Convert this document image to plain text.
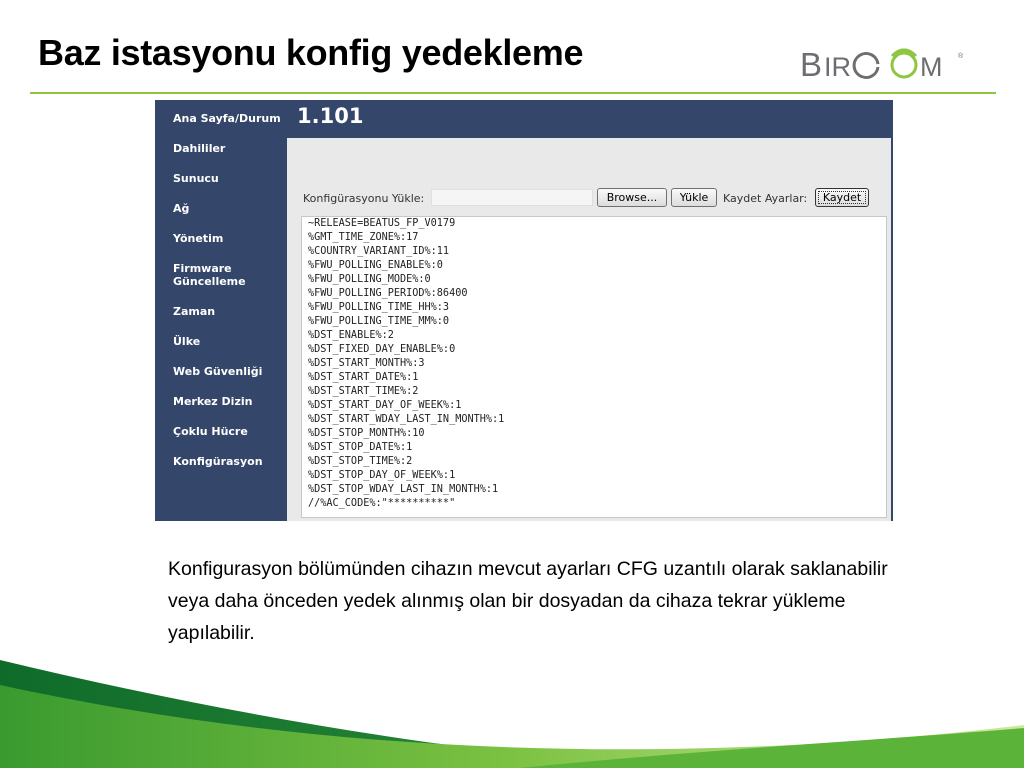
Baz istasyonu konfig yedekleme	B IR	M ®
1.101
Ana Sayfa/Durum
Dahililer
Sunucu
Ağ
Yönetim
Firmware
Güncelleme
Zaman
Ülke
Web Güvenliği
Merkez Dizin
Çoklu Hücre
Konfigürasyon
Konfigürasyonu Yükle:	Browse...	Yükle	Kaydet Ayarlar:	Kaydet
~RELEASE=BEATUS_FP_V0179
%GMT_TIME_ZONE%:17
%COUNTRY_VARIANT_ID%:11
%FWU_POLLING_ENABLE%:0
%FWU_POLLING_MODE%:0
%FWU_POLLING_PERIOD%:86400
%FWU_POLLING_TIME_HH%:3
%FWU_POLLING_TIME_MM%:0
%DST_ENABLE%:2
%DST_FIXED_DAY_ENABLE%:0
%DST_START_MONTH%:3
%DST_START_DATE%:1
%DST_START_TIME%:2
%DST_START_DAY_OF_WEEK%:1
%DST_START_WDAY_LAST_IN_MONTH%:1
%DST_STOP_MONTH%:10
%DST_STOP_DATE%:1
%DST_STOP_TIME%:2
%DST_STOP_DAY_OF_WEEK%:1
%DST_STOP_WDAY_LAST_IN_MONTH%:1
//%AC_CODE%:"**********"
Konfigurasyon bölümünden cihazın mevcut ayarları CFG uzantılı olarak saklanabilir veya daha önceden yedek alınmış olan bir dosyadan da cihaza tekrar yükleme yapılabilir.
